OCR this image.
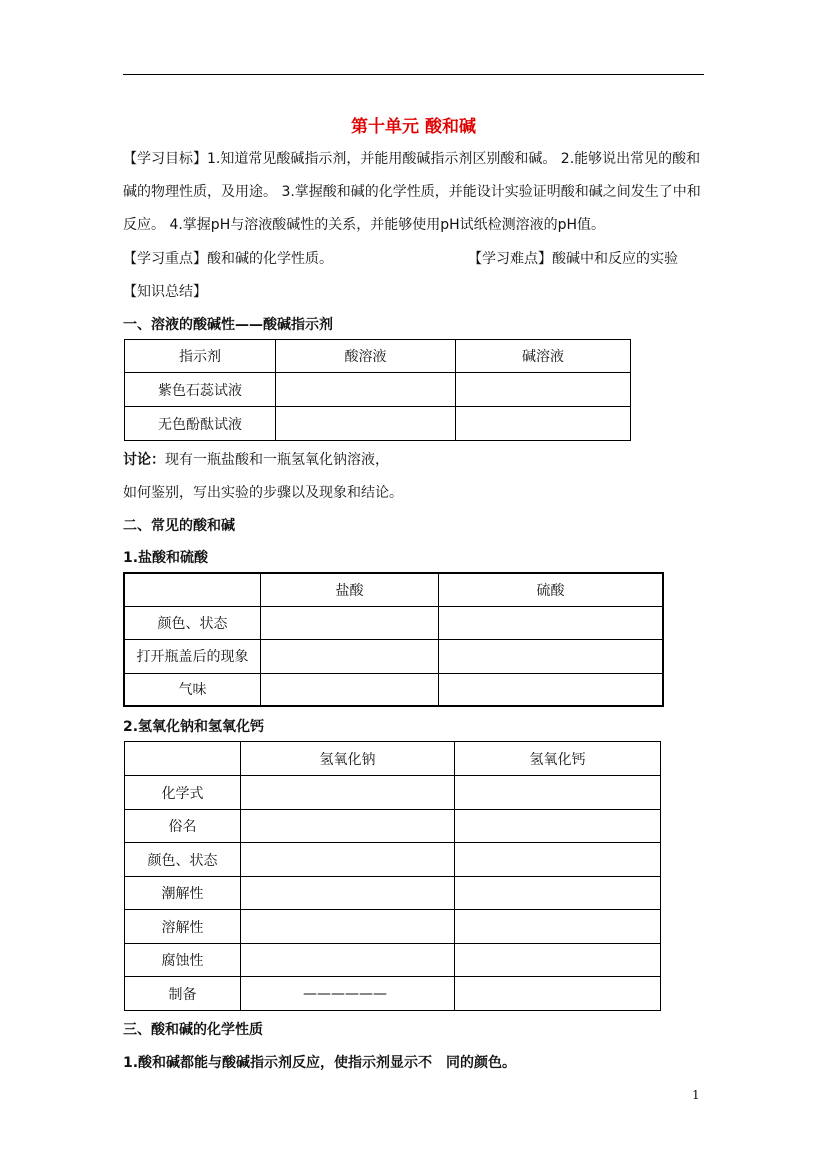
第十单元 酸和碱
【学习目标】1.知道常见酸碱指示剂，并能用酸碱指示剂区别酸和碱。 2.能够说出常见的酸和碱的物理性质，及用途。 3.掌握酸和碱的化学性质，并能设计实验证明酸和碱之间发生了中和反应。 4.掌握pH与溶液酸碱性的关系，并能够使用pH试纸检测溶液的pH值。
【学习重点】酸和碱的化学性质。	【学习难点】酸碱中和反应的实验
【知识总结】
一、溶液的酸碱性——酸碱指示剂
指示剂	酸溶液	碱溶液
紫色石蕊试液		
无色酚酞试液		
讨论：现有一瓶盐酸和一瓶氢氧化钠溶液，
如何鉴别，写出实验的步骤以及现象和结论。
二、常见的酸和碱
1.盐酸和硫酸
	盐酸	硫酸
颜色、状态		
打开瓶盖后的现象		
气味		
2.氢氧化钠和氢氧化钙
	氢氧化钠	氢氧化钙
化学式		
俗名		
颜色、状态		
潮解性		
溶解性		
腐蚀性		
制备	——————	
三、酸和碱的化学性质
1.酸和碱都能与酸碱指示剂反应，使指示剂显示不　同的颜色。
1
